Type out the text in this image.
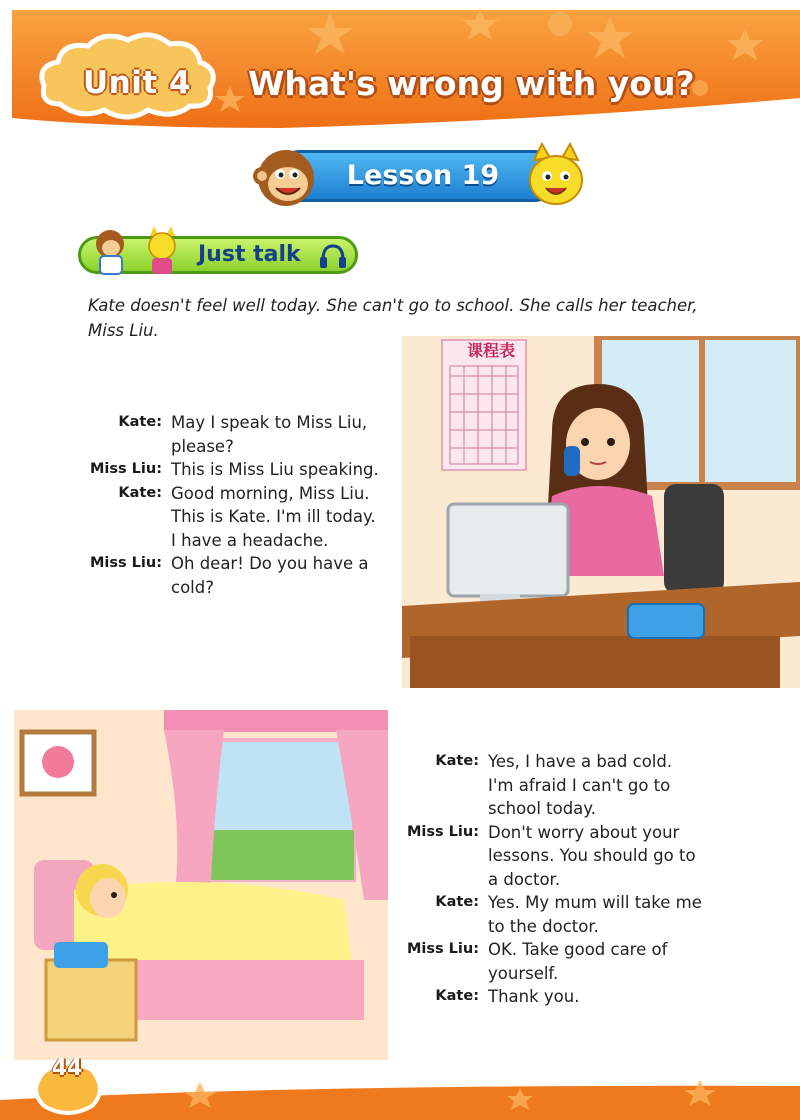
Unit 4	What's wrong with you?
Lesson 19
Just talk
Kate doesn't feel well today. She can't go to school. She calls her teacher, Miss Liu.
Kate: May I speak to Miss Liu,
please?
Miss Liu: This is Miss Liu speaking.
Kate: Good morning, Miss Liu.
This is Kate. I'm ill today.
I have a headache.
Miss Liu: Oh dear! Do you have a
cold?
课程表
Kate: Yes, I have a bad cold.
I'm afraid I can't go to
school today.
Miss Liu: Don't worry about your
lessons. You should go to
a doctor.
Kate: Yes. My mum will take me
to the doctor.
Miss Liu: OK. Take good care of
yourself.
Kate: Thank you.
44
